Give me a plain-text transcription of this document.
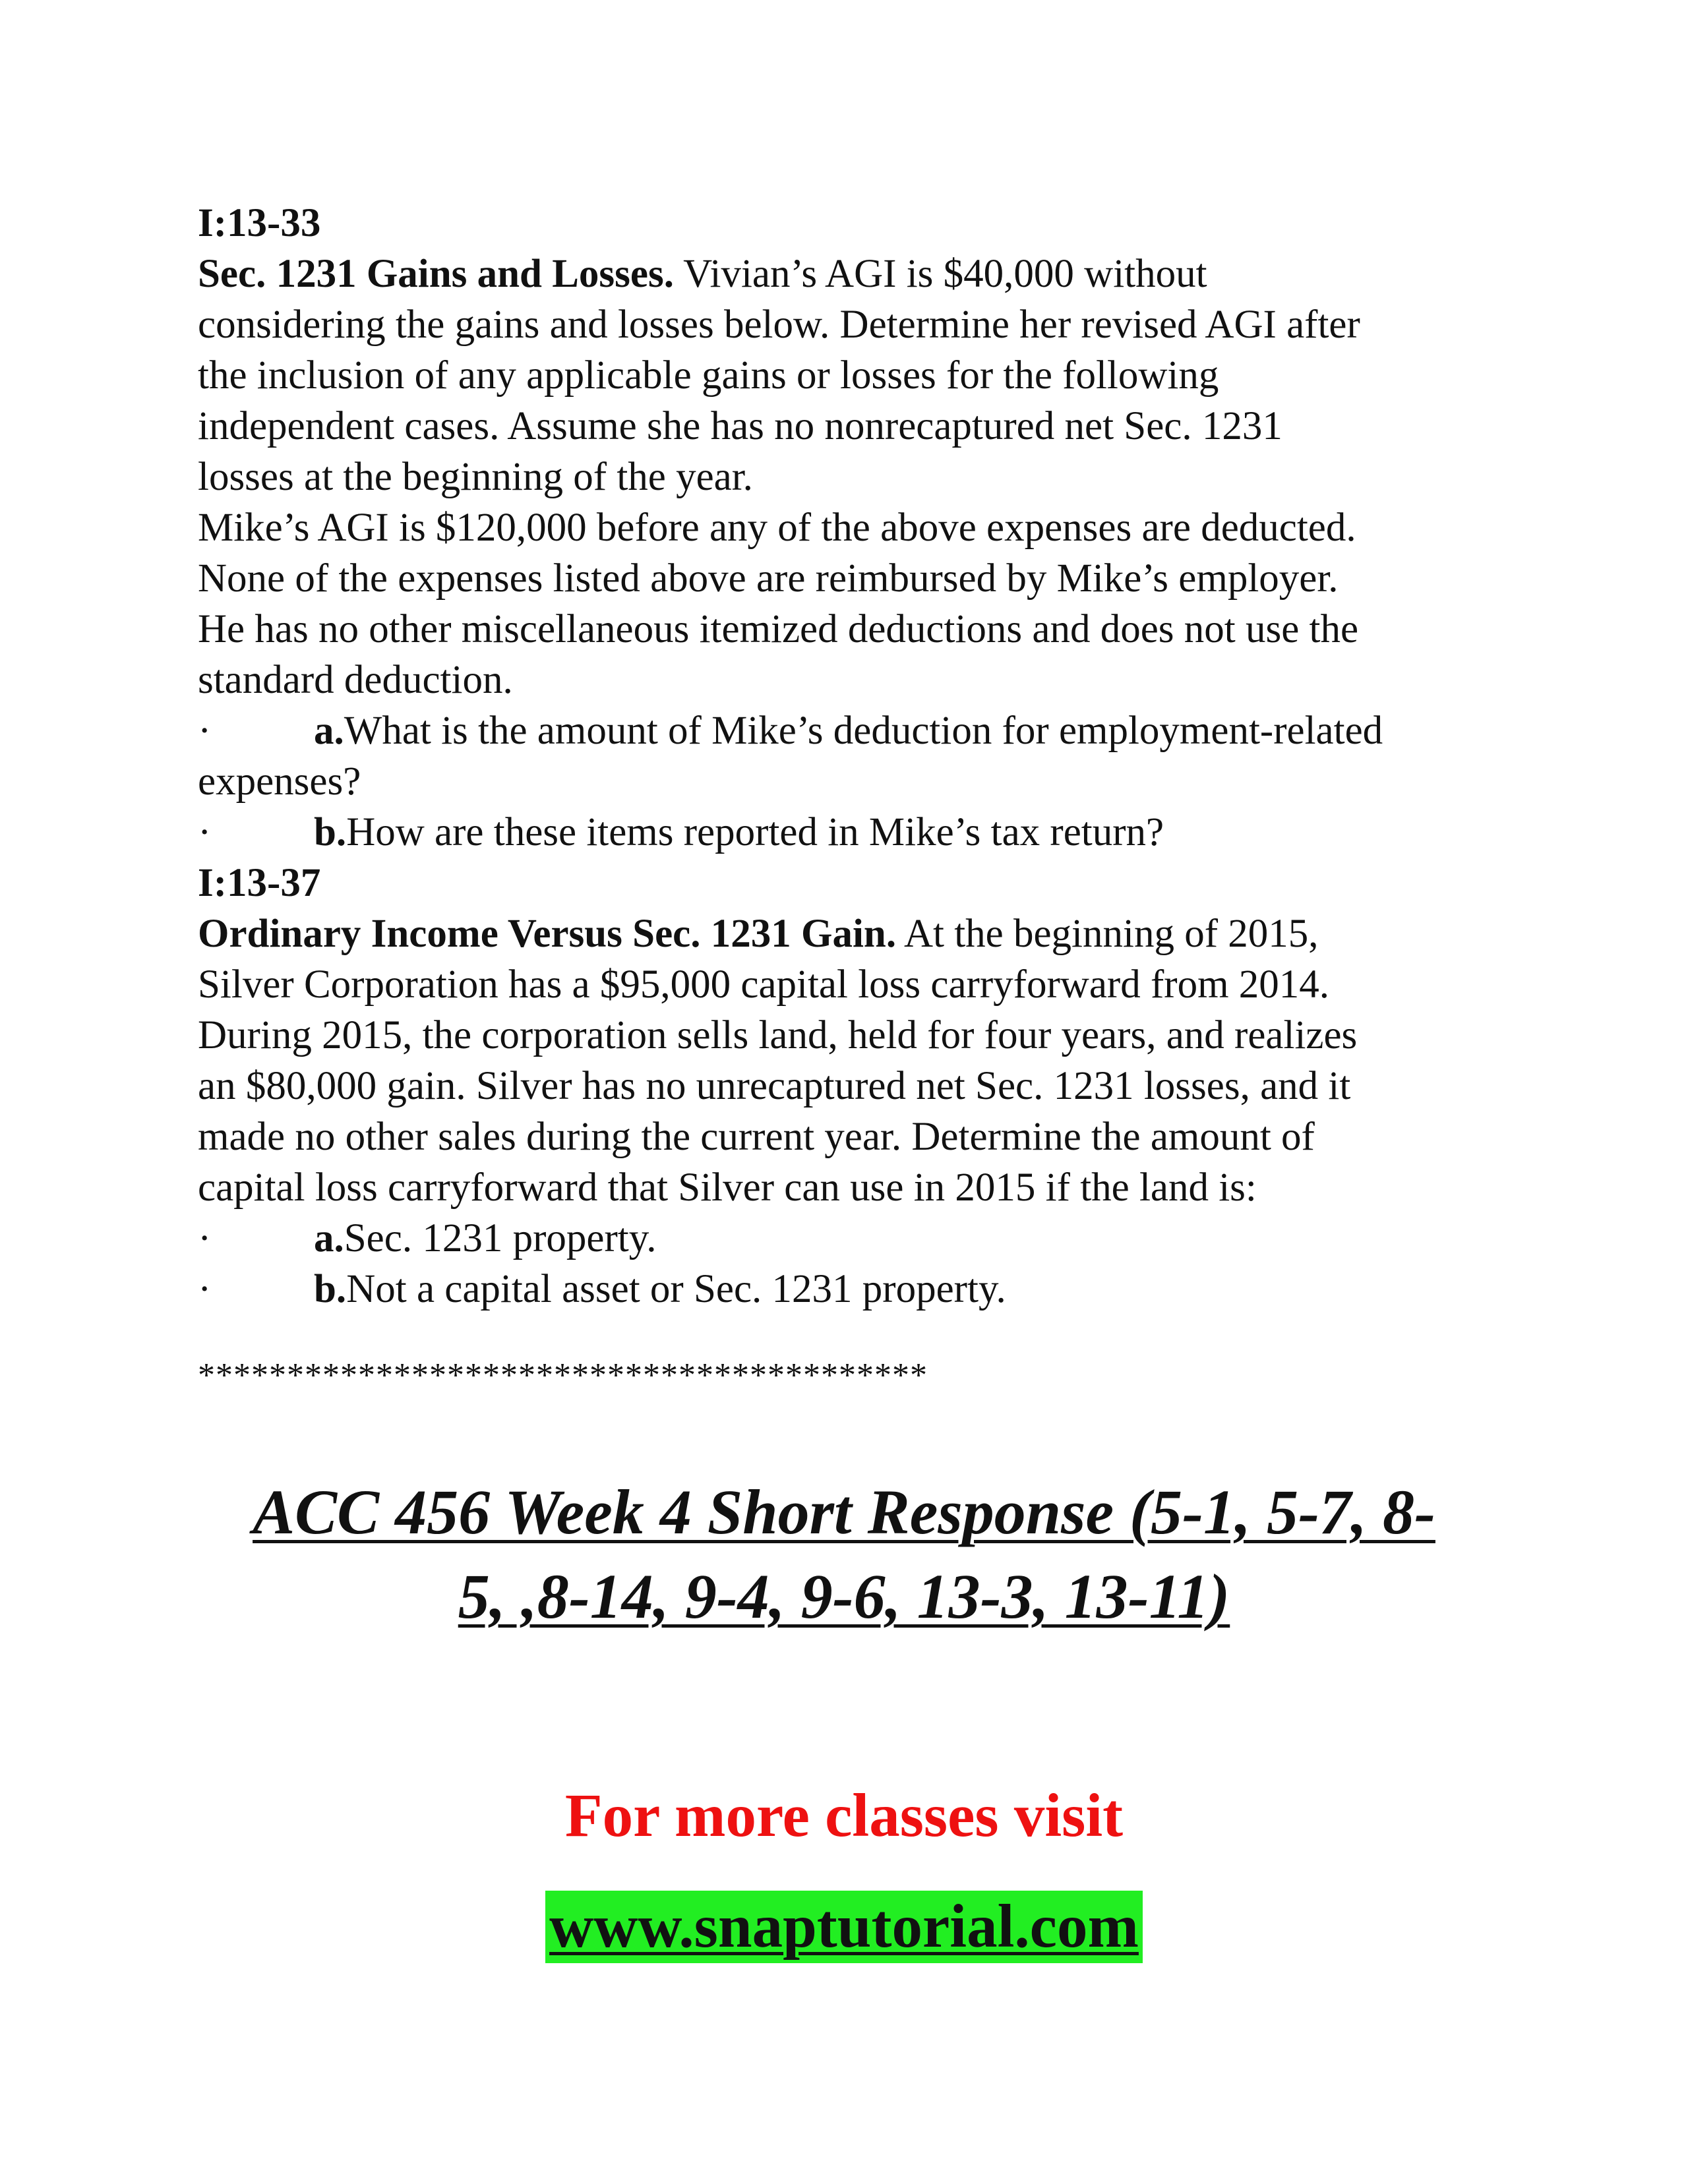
I:13-33
Sec. 1231 Gains and Losses. Vivian’s AGI is $40,000 without
considering the gains and losses below. Determine her revised AGI after
the inclusion of any applicable gains or losses for the following
independent cases. Assume she has no nonrecaptured net Sec. 1231
losses at the beginning of the year.
Mike’s AGI is $120,000 before any of the above expenses are deducted.
None of the expenses listed above are reimbursed by Mike’s employer.
He has no other miscellaneous itemized deductions and does not use the
standard deduction.
·	a.What is the amount of Mike’s deduction for employment-related
expenses?
·	b.How are these items reported in Mike’s tax return?
I:13-37
Ordinary Income Versus Sec. 1231 Gain. At the beginning of 2015,
Silver Corporation has a $95,000 capital loss carryforward from 2014.
During 2015, the corporation sells land, held for four years, and realizes
an $80,000 gain. Silver has no unrecaptured net Sec. 1231 losses, and it
made no other sales during the current year. Determine the amount of
capital loss carryforward that Silver can use in 2015 if the land is:
·	a.Sec. 1231 property.
·	b.Not a capital asset or Sec. 1231 property.
*****************************************
ACC 456 Week 4 Short Response (5-1, 5-7, 8-
5, ,8-14, 9-4, 9-6, 13-3, 13-11)
For more classes visit
www.snaptutorial.com
